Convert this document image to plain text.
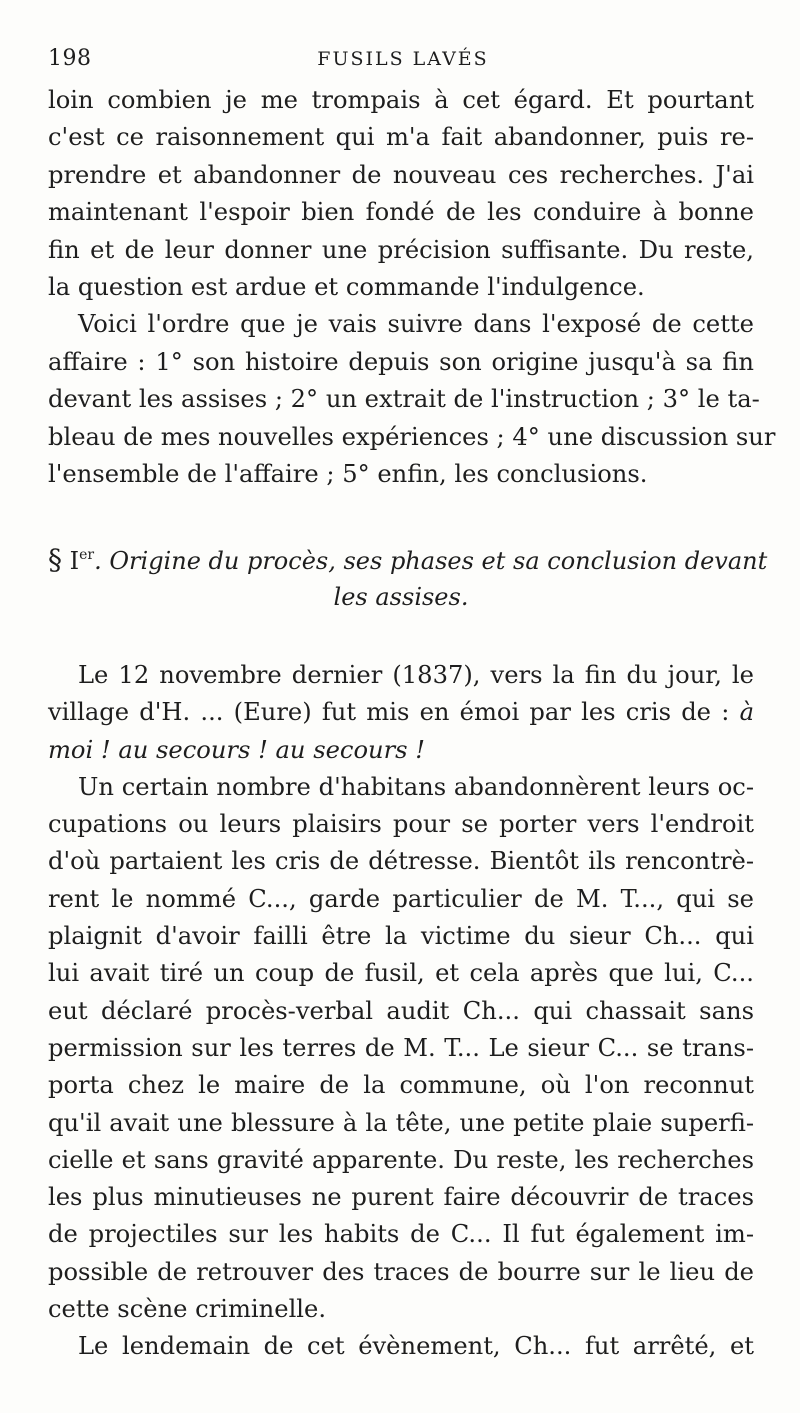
198	FUSILS LAVÉS
loin combien je me trompais à cet égard. Et pourtant
c'est ce raisonnement qui m'a fait abandonner, puis re-
prendre et abandonner de nouveau ces recherches. J'ai
maintenant l'espoir bien fondé de les conduire à bonne
fin et de leur donner une précision suffisante. Du reste,
la question est ardue et commande l'indulgence.
Voici l'ordre que je vais suivre dans l'exposé de cette
affaire : 1° son histoire depuis son origine jusqu'à sa fin
devant les assises ; 2° un extrait de l'instruction ; 3° le ta-
bleau de mes nouvelles expériences ; 4° une discussion sur
l'ensemble de l'affaire ; 5° enfin, les conclusions.
§ Ier. Origine du procès, ses phases et sa conclusion devant
les assises.
Le 12 novembre dernier (1837), vers la fin du jour, le
village d'H. ... (Eure) fut mis en émoi par les cris de : à
moi ! au secours ! au secours !
Un certain nombre d'habitans abandonnèrent leurs oc-
cupations ou leurs plaisirs pour se porter vers l'endroit
d'où partaient les cris de détresse. Bientôt ils rencontrè-
rent le nommé C..., garde particulier de M. T..., qui se
plaignit d'avoir failli être la victime du sieur Ch... qui
lui avait tiré un coup de fusil, et cela après que lui, C...
eut déclaré procès-verbal audit Ch... qui chassait sans
permission sur les terres de M. T... Le sieur C... se trans-
porta chez le maire de la commune, où l'on reconnut
qu'il avait une blessure à la tête, une petite plaie superfi-
cielle et sans gravité apparente. Du reste, les recherches
les plus minutieuses ne purent faire découvrir de traces
de projectiles sur les habits de C... Il fut également im-
possible de retrouver des traces de bourre sur le lieu de
cette scène criminelle.
Le lendemain de cet évènement, Ch... fut arrêté, et
